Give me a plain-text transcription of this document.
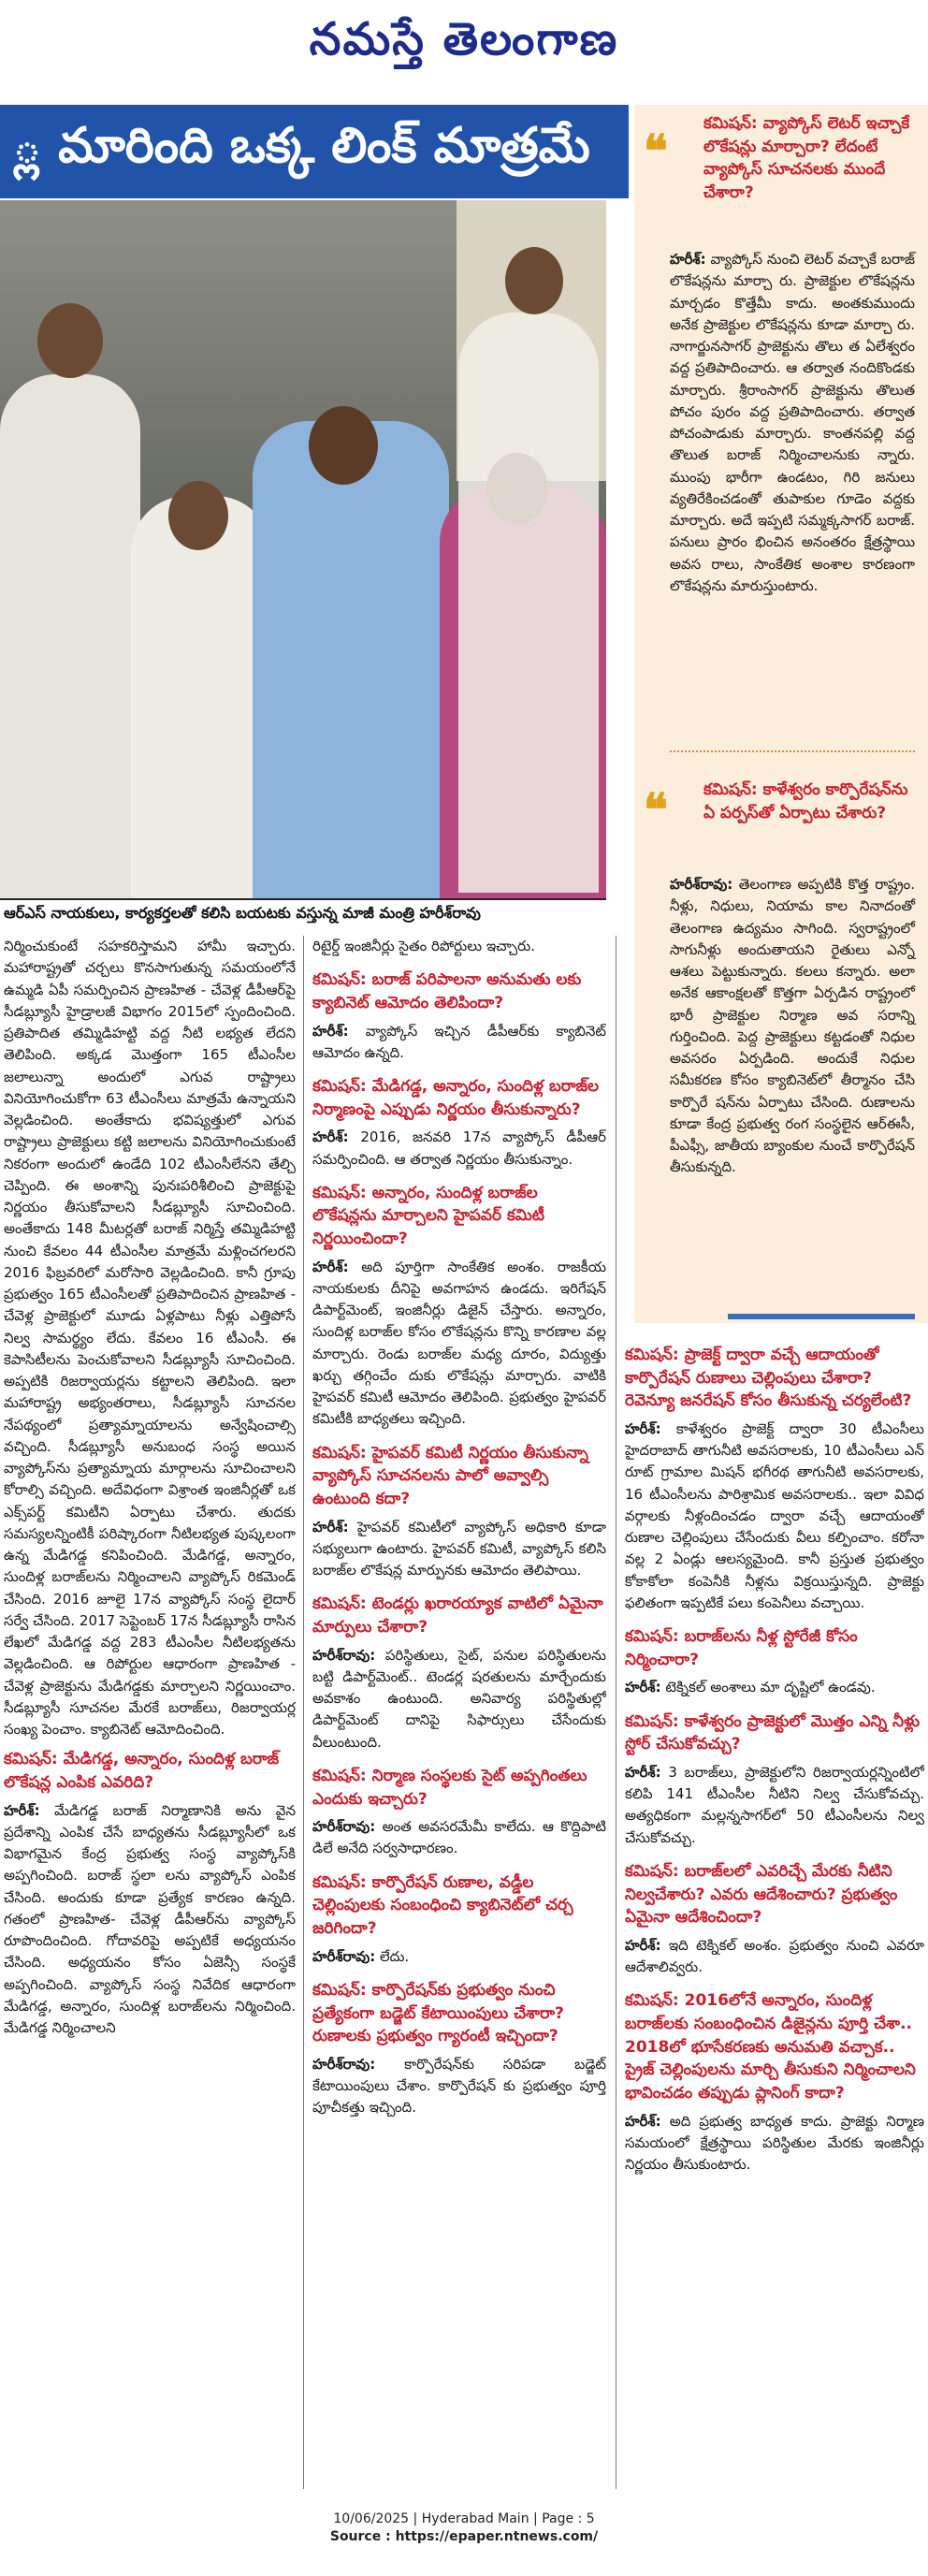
నమస్తే తెలంగాణ
్ల మారింది ఒక్క లింక్ మాత్రమే
ఆర్ఎస్ నాయకులు, కార్యకర్తలతో కలిసి బయటకు వస్తున్న మాజీ మంత్రి హరీశ్‌రావు
❝
కమిషన్: వ్యాప్కోస్ లెటర్ ఇచ్చాకే లొకేషన్లు మార్చారా? లేదంటే వ్యాప్కోస్ సూచనలకు ముందే చేశారా?
హరీశ్: వ్యాప్కోస్ నుంచి లెటర్ వచ్చాకే బరాజ్ లొకేషన్లను మార్చా రు. ప్రాజెక్టుల లొకేషన్లను మార్చడం కొత్తేమీ కాదు. అంతకుముందు అనేక ప్రాజెక్టుల లొకేషన్లను కూడా మార్చా రు. నాగార్జునసాగర్ ప్రాజెక్టును తొలు త ఏలేశ్వరం వద్ద ప్రతిపాదించారు. ఆ తర్వాత నందికొండకు మార్చారు. శ్రీరాంసాగర్ ప్రాజెక్టును తొలుత పోచం పురం వద్ద ప్రతిపాదించారు. తర్వాత పోచంపాడుకు మార్చారు. కాంతనపల్లి వద్ద తొలుత బరాజ్ నిర్మించాలనుకు న్నారు. ముంపు భారీగా ఉండటం, గిరి జనులు వ్యతిరేకించడంతో తుపాకుల గూడెం వద్దకు మార్చారు. అదే ఇప్పటి సమ్మక్కసాగర్ బరాజ్. పనులు ప్రారం భించిన అనంతరం క్షేత్రస్థాయి అవస రాలు, సాంకేతిక అంశాల కారణంగా లొకేషన్లను మారుస్తుంటారు.
❝ కమిషన్: కాళేశ్వరం కార్పొరేషన్‌ను ఏ పర్పస్‌తో ఏర్పాటు చేశారు?
హరీశ్‌రావు: తెలంగాణ అప్పటికి కొత్త రాష్ట్రం. నీళ్లు, నిధులు, నియామ కాల నినాదంతో తెలంగాణ ఉద్యమం సాగింది. స్వరాష్ట్రంలో సాగునీళ్లు అందుతాయని రైతులు ఎన్నో ఆశలు పెట్టుకున్నారు. కలలు కన్నారు. అలా అనేక ఆకాంక్షలతో కొత్తగా ఏర్పడిన రాష్ట్రంలో భారీ ప్రాజెక్టుల నిర్మాణ అవ సరాన్ని గుర్తించింది. పెద్ద ప్రాజెక్టులు కట్టడంతో నిధుల అవసరం ఏర్పడింది. అందుకే నిధుల సమీకరణ కోసం క్యాబినెట్‌లో తీర్మానం చేసి కార్పొరే షన్‌ను ఏర్పాటు చేసింది. రుణాలను కూడా కేంద్ర ప్రభుత్వ రంగ సంస్థలైన ఆర్ఈసీ, పీఎఫ్సీ, జాతీయ బ్యాంకుల నుంచే కార్పొరేషన్ తీసుకున్నది.
నిర్మించుకుంటే సహకరిస్తామని హామీ ఇచ్చారు. మహారాష్ట్రతో చర్చలు కొనసాగుతున్న సమయంలోనే ఉమ్మడి ఏపీ సమర్పించిన ప్రాణహిత - చేవెళ్ల డీపీఆర్‌పై సీడబ్ల్యూసీ హైడ్రాలజీ విభాగం 2015లో స్పందించింది. ప్రతిపాదిత తమ్మిడిహట్టి వద్ద నీటి లభ్యత లేదని తెలిపింది. అక్కడ మొత్తంగా 165 టీఎంసీల జలాలున్నా అందులో ఎగువ రాష్ట్రాలు వినియోగించుకోగా 63 టీఎంసీలు మాత్రమే ఉన్నాయని వెల్లడించింది. అంతేకాదు భవిష్యత్తులో ఎగువ రాష్ట్రాలు ప్రాజెక్టులు కట్టి జలాలను వినియోగించుకుంటే నికరంగా అందులో ఉండేది 102 టీఎంసీలేనని తేల్చి చెప్పింది. ఈ అంశాన్ని పునఃపరిశీలించి ప్రాజెక్టుపై నిర్ణయం తీసుకోవాలని సీడబ్ల్యూసీ సూచించింది. అంతేకాదు 148 మీటర్లతో బరాజ్ నిర్మిస్తే తమ్మిడిహట్టి నుంచి కేవలం 44 టీఎంసీల మాత్రమే మళ్లించగలరని 2016 ఫిబ్రవరిలో మరోసారి వెల్లడించింది. కానీ గ్రూపు ప్రభుత్వం 165 టీఎంసీలతో ప్రతిపాదించిన ప్రాణహిత - చేవెళ్ల ప్రాజెక్టులో మూడు ఏళ్లపాటు నీళ్లు ఎత్తిపోసే నిల్వ సామర్థ్యం లేదు. కేవలం 16 టీఎంసీ. ఈ కెపాసిటీలను పెంచుకోవాలని సీడబ్ల్యూసీ సూచించింది. అప్పటికి రిజర్వాయర్లను కట్టాలని తెలిపింది. ఇలా మహారాష్ట్ర అభ్యంతరాలు, సీడబ్ల్యూసీ సూచనల నేపథ్యంలో ప్రత్యామ్నాయాలను అన్వేషించాల్సి వచ్చింది. సీడబ్ల్యూసీ అనుబంధ సంస్థ అయిన వ్యాప్కోస్‌ను ప్రత్యామ్నాయ మార్గాలను సూచించాలని కోరాల్సి వచ్చింది. అదేవిధంగా విశ్రాంత ఇంజినీర్లతో ఒక ఎక్స్‌పర్ట్ కమిటీని ఏర్పాటు చేశారు. తుదకు సమస్యలన్నింటికీ పరిష్కారంగా నీటిలభ్యత పుష్కలంగా ఉన్న మేడిగడ్డ కనిపించింది. మేడిగడ్డ, అన్నారం, సుందిళ్ల బరాజ్‌లను నిర్మించాలని వ్యాప్కోస్ రికమెండ్ చేసింది. 2016 జూలై 17న వ్యాప్కోస్ సంస్థ లైదార్ సర్వే చేసింది. 2017 సెప్టెంబర్ 17న సీడబ్ల్యూసీ రాసిన లేఖలో మేడిగడ్డ వద్ద 283 టీఎంసీల నీటిలభ్యతను వెల్లడించింది. ఆ రిపోర్టుల ఆధారంగా ప్రాణహిత - చేవెళ్ల ప్రాజెక్టును మేడిగడ్డకు మార్చాలని నిర్ణయించాం. సీడబ్ల్యూసీ సూచనల మేరకే బరాజ్‌లు, రిజర్వాయర్ల సంఖ్య పెంచాం. క్యాబినెట్ ఆమోదించింది.
కమిషన్: మేడిగడ్డ, అన్నారం, సుందిళ్ల బరాజ్ లొకేషన్ల ఎంపిక ఎవరిది?
హరీశ్: మేడిగడ్డ బరాజ్ నిర్మాణానికి అను వైన ప్రదేశాన్ని ఎంపిక చేసే బాధ్యతను సీడబ్ల్యూసీలో ఒక విభాగమైన కేంద్ర ప్రభుత్వ సంస్థ వ్యాప్కోస్‌కి అప్పగించింది. బరాజ్ స్థలా లను వ్యాప్కోస్ ఎంపిక చేసింది. అందుకు కూడా ప్రత్యేక కారణం ఉన్నది. గతంలో ప్రాణహిత- చేవెళ్ల డీపీఆర్‌ను వ్యాప్కోస్ రూపొందించింది. గోదావరిపై అప్పటికే అధ్యయనం చేసింది. అధ్యయనం కోసం ఏజెన్సీ సంస్థకే అప్పగించింది. వ్యాప్కోస్ సంస్థ నివేదిక ఆధారంగా మేడిగడ్డ, అన్నారం, సుందిళ్ల బరాజ్‌లను నిర్మించింది. మేడిగడ్డ నిర్మించాలని
రిటైర్డ్ ఇంజినీర్లు సైతం రిపోర్టులు ఇచ్చారు.
కమిషన్: బరాజ్ పరిపాలనా అనుమతు లకు క్యాబినెట్ ఆమోదం తెలిపిందా?
హరీశ్: వ్యాప్కోస్ ఇచ్చిన డీపీఆర్‌కు క్యాబినెట్ ఆమోదం ఉన్నది.
కమిషన్: మేడిగడ్డ, అన్నారం, సుందిళ్ల బరాజ్‌ల నిర్మాణంపై ఎప్పుడు నిర్ణయం తీసుకున్నారు?
హరీశ్: 2016, జనవరి 17న వ్యాప్కోస్ డీపీఆర్ సమర్పించింది. ఆ తర్వాత నిర్ణయం తీసుకున్నాం.
కమిషన్: అన్నారం, సుందిళ్ల బరాజ్‌ల లొకేషన్లను మార్చాలని హైపవర్ కమిటీ నిర్ణయించిందా?
హరీశ్: అది పూర్తిగా సాంకేతిక అంశం. రాజకీయ నాయకులకు దీనిపై అవగాహన ఉండదు. ఇరిగేషన్ డిపార్ట్‌మెంట్, ఇంజినీర్లు డిజైన్ చేస్తారు. అన్నారం, సుందిళ్ల బరాజ్‌ల కోసం లొకేషన్లను కొన్ని కారణాల వల్ల మార్చారు. రెండు బరాజ్‌ల మధ్య దూరం, విద్యుత్తు ఖర్చు తగ్గించేం దుకు లొకేషన్లు మార్చారు. వాటికి హైపవర్ కమిటీ ఆమోదం తెలిపింది. ప్రభుత్వం హైపవర్ కమిటీకి బాధ్యతలు ఇచ్చింది.
కమిషన్: హైపవర్ కమిటీ నిర్ణయం తీసుకున్నా వ్యాప్కోస్ సూచనలను పాలో అవ్వాల్సి ఉంటుంది కదా?
హరీశ్: హైపవర్ కమిటీలో వ్యాప్కోస్ అధికారి కూడా సభ్యులుగా ఉంటారు. హైపవర్ కమిటీ, వ్యాప్కోస్ కలిసి బరాజ్‌ల లొకేషన్ల మార్పునకు ఆమోదం తెలిపాయి.
కమిషన్: టెండర్లు ఖరారయ్యాక వాటిలో ఏమైనా మార్పులు చేశారా?
హరీశ్‌రావు: పరిస్థితులు, సైట్, పనుల పరిస్థితులను బట్టి డిపార్ట్‌మెంట్.. టెండర్ల షరతులను మార్చేందుకు అవకాశం ఉంటుంది. అనివార్య పరిస్థితుల్లో డిపార్ట్‌మెంట్ దానిపై సిఫార్సులు చేసేందుకు వీలుంటుంది.
కమిషన్: నిర్మాణ సంస్థలకు సైట్ అప్పగింతలు ఎందుకు ఇచ్చారు?
హరీశ్‌రావు: అంత అవసరమేమీ కాలేదు. ఆ కొద్దిపాటి డిలే అనేది సర్వసాధారణం.
కమిషన్: కార్పొరేషన్ రుణాల, వడ్డీల చెల్లింపులకు సంబంధించి క్యాబినెట్‌లో చర్చ జరిగిందా?
హరీశ్‌రావు: లేదు.
కమిషన్: కార్పొరేషన్‌కు ప్రభుత్వం నుంచి ప్రత్యేకంగా బడ్జెట్ కేటాయింపులు చేశారా? రుణాలకు ప్రభుత్వం గ్యారంటీ ఇచ్చిందా?
హరీశ్‌రావు: కార్పొరేషన్‌కు సరిపడా బడ్జెట్ కేటాయింపులు చేశాం. కార్పొరేషన్ కు ప్రభుత్వం పూర్తి పూచీకత్తు ఇచ్చింది.
కమిషన్: ప్రాజెక్ట్ ద్వారా వచ్చే ఆదాయంతో కార్పొరేషన్ రుణాలు చెల్లింపులు చేశారా? రెవెన్యూ జనరేషన్ కోసం తీసుకున్న చర్యలేంటి?
హరీశ్: కాళేశ్వరం ప్రాజెక్ట్ ద్వారా 30 టీఎంసీలు హైదరాబాద్ తాగునీటి అవసరాలకు, 10 టీఎంసీలు ఎన్ రూట్ గ్రామాల మిషన్ భగీరథ తాగునీటి అవసరాలకు, 16 టీఎంసీలను పారిశ్రామిక అవసరాలకు.. ఇలా వివిధ వర్గాలకు నీళ్లందించడం ద్వారా వచ్చే ఆదాయంతో రుణాల చెల్లింపులు చేసేందుకు వీలు కల్పించాం. కరోనా వల్ల 2 ఏండ్లు ఆలస్యమైంది. కానీ ప్రస్తుత ప్రభుత్వం కోకాకోలా కంపెనీకి నీళ్లను విక్రయిస్తున్నది. ప్రాజెక్టు ఫలితంగా ఇప్పటికే పలు కంపెనీలు వచ్చాయి.
కమిషన్: బరాజ్‌లను నీళ్ల స్టోరేజీ కోసం నిర్మించారా?
హరీశ్: టెక్నికల్ అంశాలు మా దృష్టిలో ఉండవు.
కమిషన్: కాళేశ్వరం ప్రాజెక్టులో మొత్తం ఎన్ని నీళ్లు స్టోర్ చేసుకోవచ్చు?
హరీశ్: 3 బరాజ్‌లు, ప్రాజెక్టులోని రిజర్వాయర్లన్నింటిలో కలిపి 141 టీఎంసీల నీటిని నిల్వ చేసుకోవచ్చు. అత్యధికంగా మల్లన్నసాగర్‌లో 50 టీఎంసీలను నిల్వ చేసుకోవచ్చు.
కమిషన్: బరాజ్‌లలో ఎవరిచ్చే మేరకు నీటిని నిల్వచేశారు? ఎవరు ఆదేశించారు? ప్రభుత్వం ఏమైనా ఆదేశించిందా?
హరీశ్: ఇది టెక్నికల్ అంశం. ప్రభుత్వం నుంచి ఎవరూ ఆదేశాలివ్వరు.
కమిషన్: 2016లోనే అన్నారం, సుందిళ్ల బరాజ్‌లకు సంబంధించిన డిజైన్లను పూర్తి చేశా.. 2018లో భూసేకరణకు అనుమతి వచ్చాక.. ప్రైజ్ చెల్లింపులను మార్చి తీసుకుని నిర్మించాలని భావించడం తప్పుడు ప్లానింగ్ కాదా?
హరీశ్: అది ప్రభుత్వ బాధ్యత కాదు. ప్రాజెక్టు నిర్మాణ సమయంలో క్షేత్రస్థాయి పరిస్థితుల మేరకు ఇంజినీర్లు నిర్ణయం తీసుకుంటారు.
10/06/2025 | Hyderabad Main | Page : 5
Source : https://epaper.ntnews.com/
